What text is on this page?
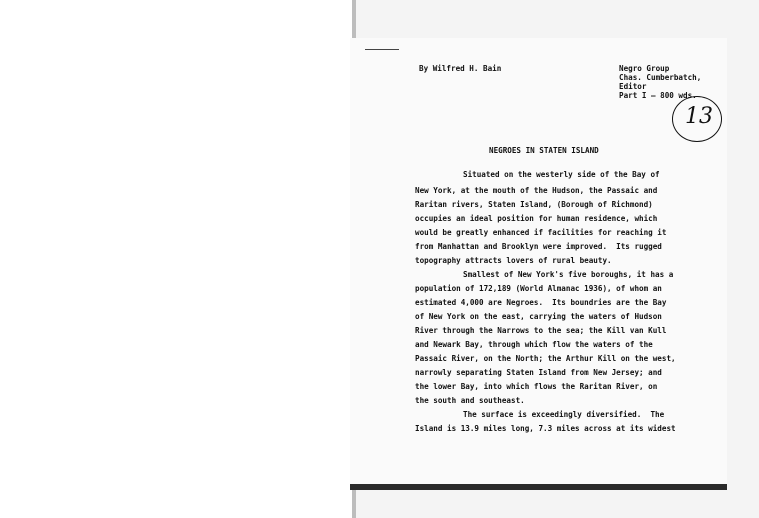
By Wilfred H. Bain	Negro Group
Chas. Cumberbatch,
Editor
Part I — 800 wds.
NEGROES IN STATEN ISLAND
Situated on the westerly side of the Bay of
New York, at the mouth of the Hudson, the Passaic and
Raritan rivers, Staten Island, (Borough of Richmond)
occupies an ideal position for human residence, which
would be greatly enhanced if facilities for reaching it
from Manhattan and Brooklyn were improved.  Its rugged
topography attracts lovers of rural beauty.
Smallest of New York's five boroughs, it has a
population of 172,189 (World Almanac 1936), of whom an
estimated 4,000 are Negroes.  Its boundries are the Bay
of New York on the east, carrying the waters of Hudson
River through the Narrows to the sea; the Kill van Kull
and Newark Bay, through which flow the waters of the
Passaic River, on the North; the Arthur Kill on the west,
narrowly separating Staten Island from New Jersey; and
the lower Bay, into which flows the Raritan River, on
the south and southeast.
The surface is exceedingly diversified.  The
Island is 13.9 miles long, 7.3 miles across at its widest
13
